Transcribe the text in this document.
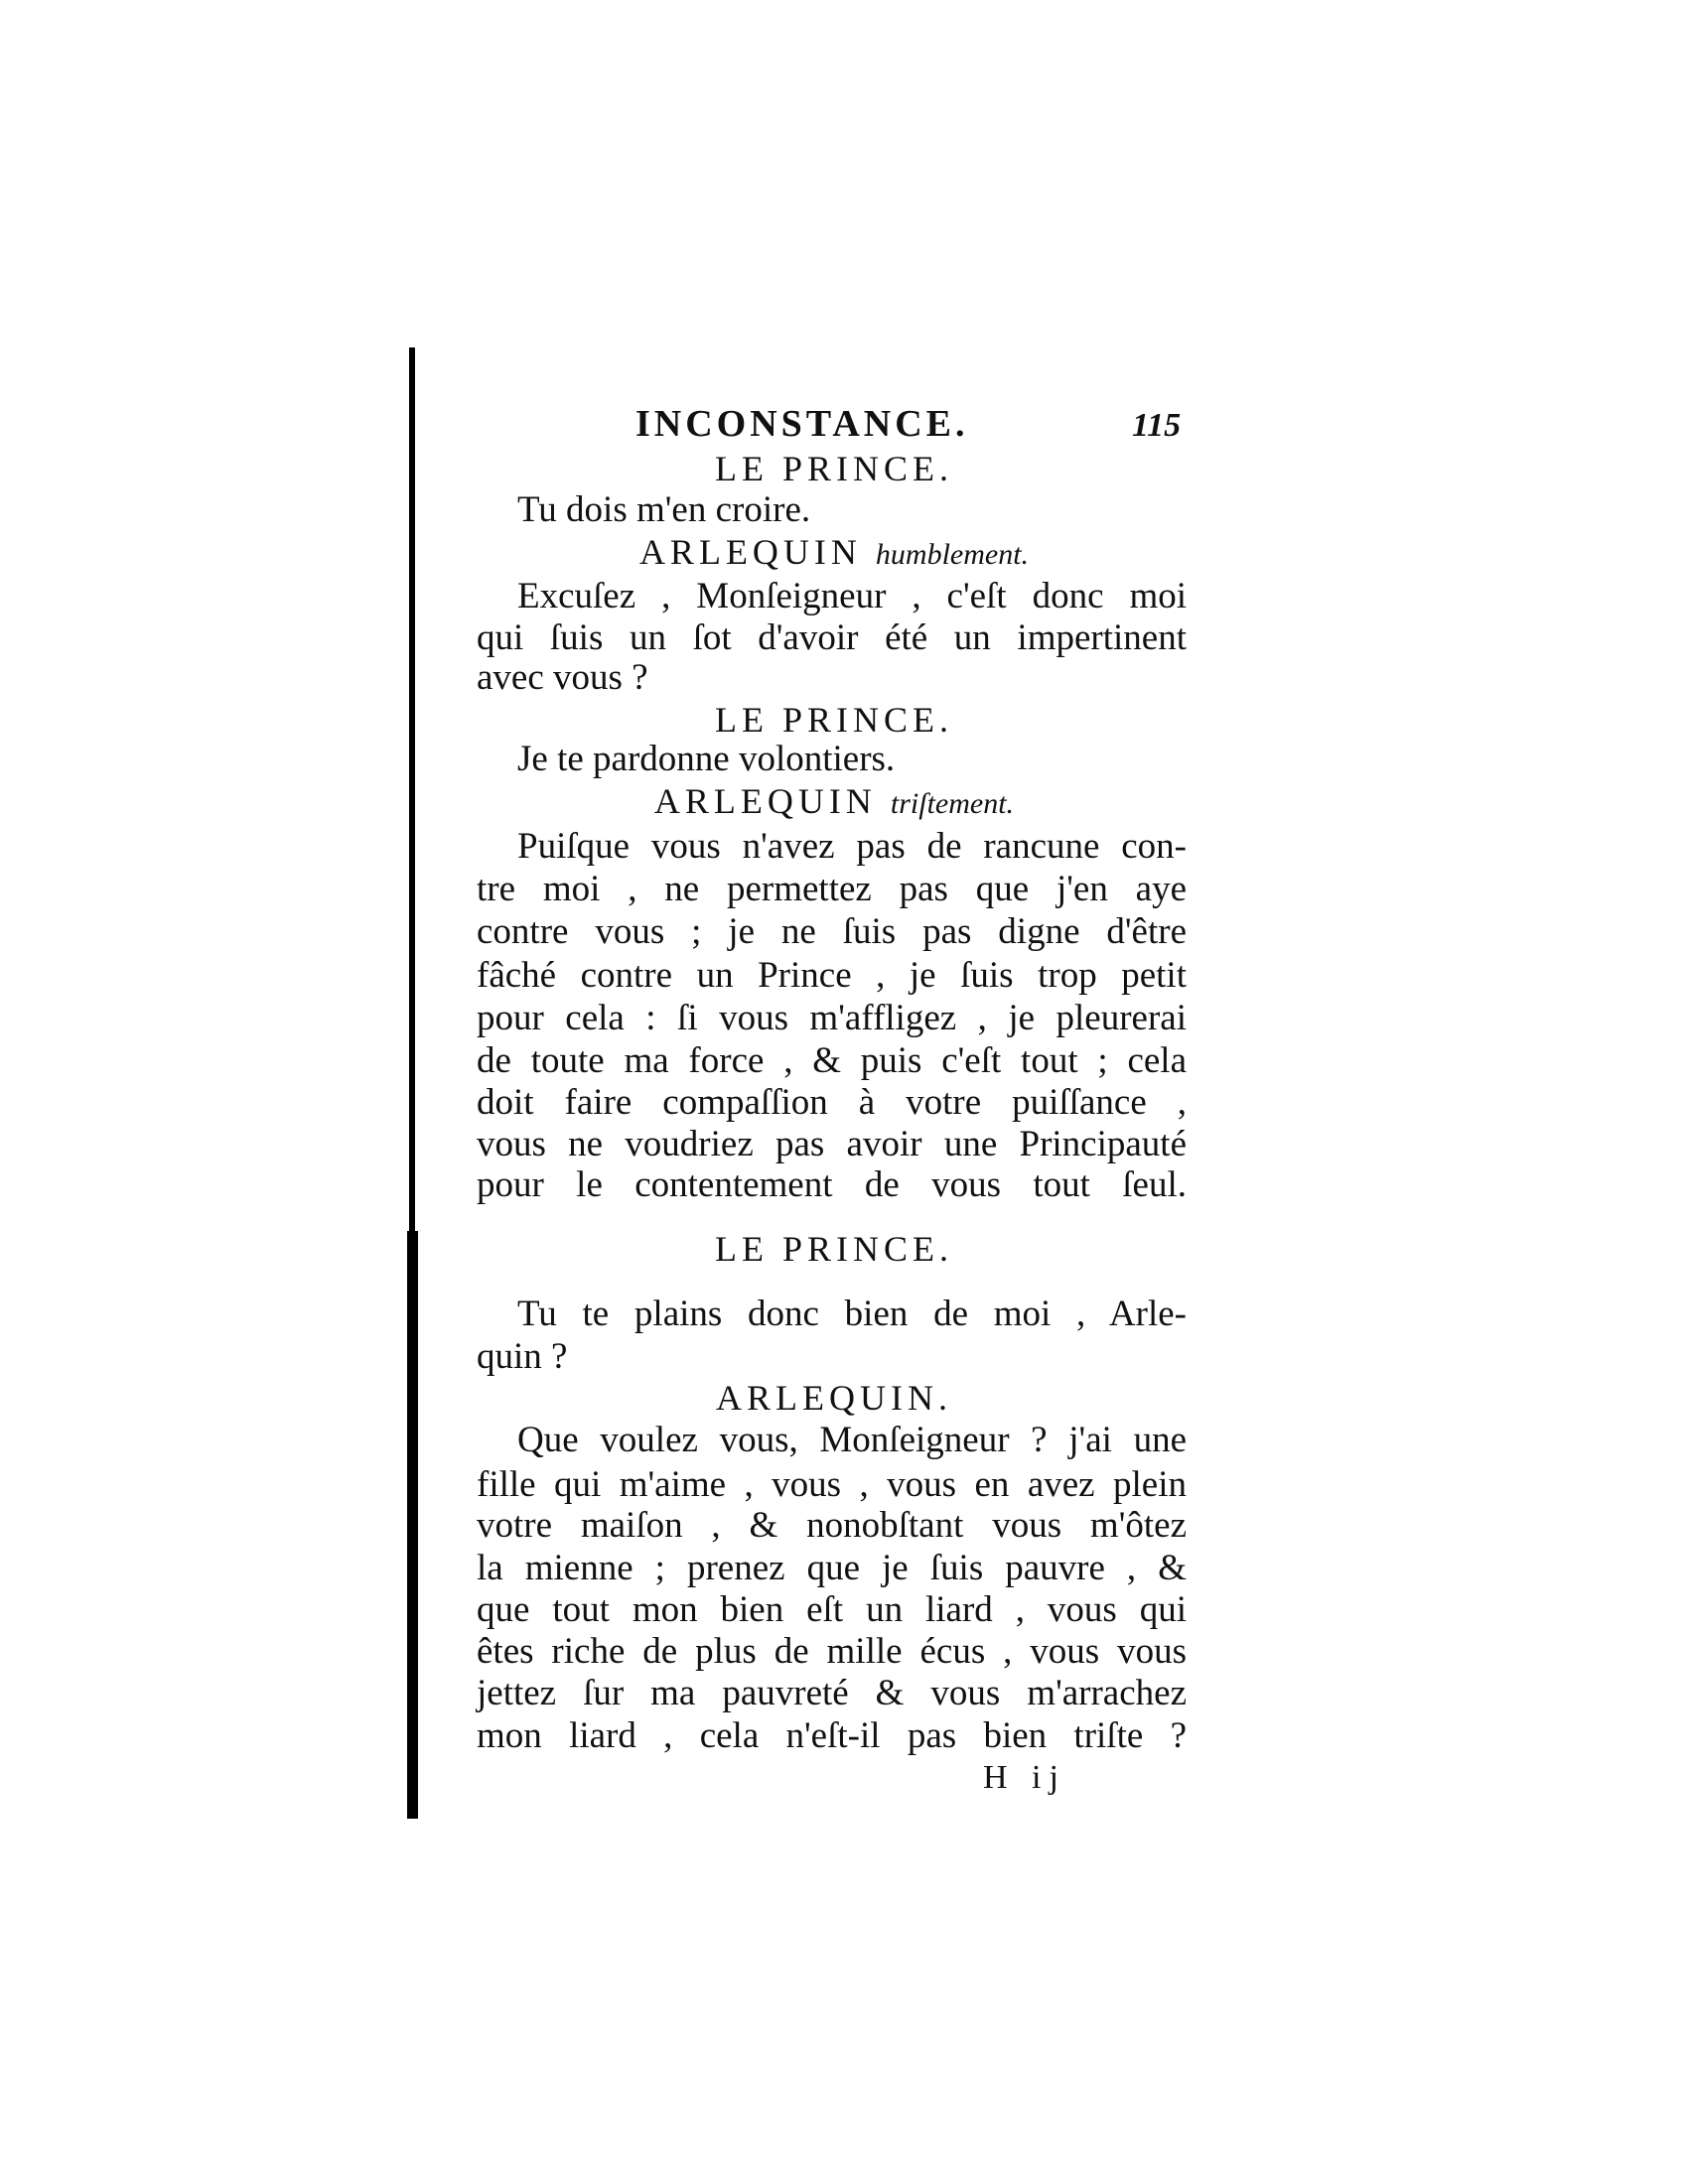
INCONSTANCE.	115
LE PRINCE.
Tu dois m'en croire.
ARLEQUIN humblement.
Excuſez , Monſeigneur , c'eſt donc moi
qui ſuis un ſot d'avoir été un impertinent
avec vous ?
LE PRINCE.
Je te pardonne volontiers.
ARLEQUIN triſtement.
Puiſque vous n'avez pas de rancune con-
tre moi , ne permettez pas que j'en aye
contre vous ; je ne ſuis pas digne d'être
fâché contre un Prince , je ſuis trop petit
pour cela : ſi vous m'affligez , je pleurerai
de toute ma force , & puis c'eſt tout ; cela
doit faire compaſſion à votre puiſſance ,
vous ne voudriez pas avoir une Principauté
pour le contentement de vous tout ſeul.
LE PRINCE.
Tu te plains donc bien de moi , Arle-
quin ?
ARLEQUIN.
Que voulez vous, Monſeigneur ? j'ai une
fille qui m'aime , vous , vous en avez plein
votre maiſon , & nonobſtant vous m'ôtez
la mienne ; prenez que je ſuis pauvre , &
que tout mon bien eſt un liard , vous qui
êtes riche de plus de mille écus , vous vous
jettez ſur ma pauvreté & vous m'arrachez
mon liard , cela n'eſt-il pas bien triſte ?
H ij
